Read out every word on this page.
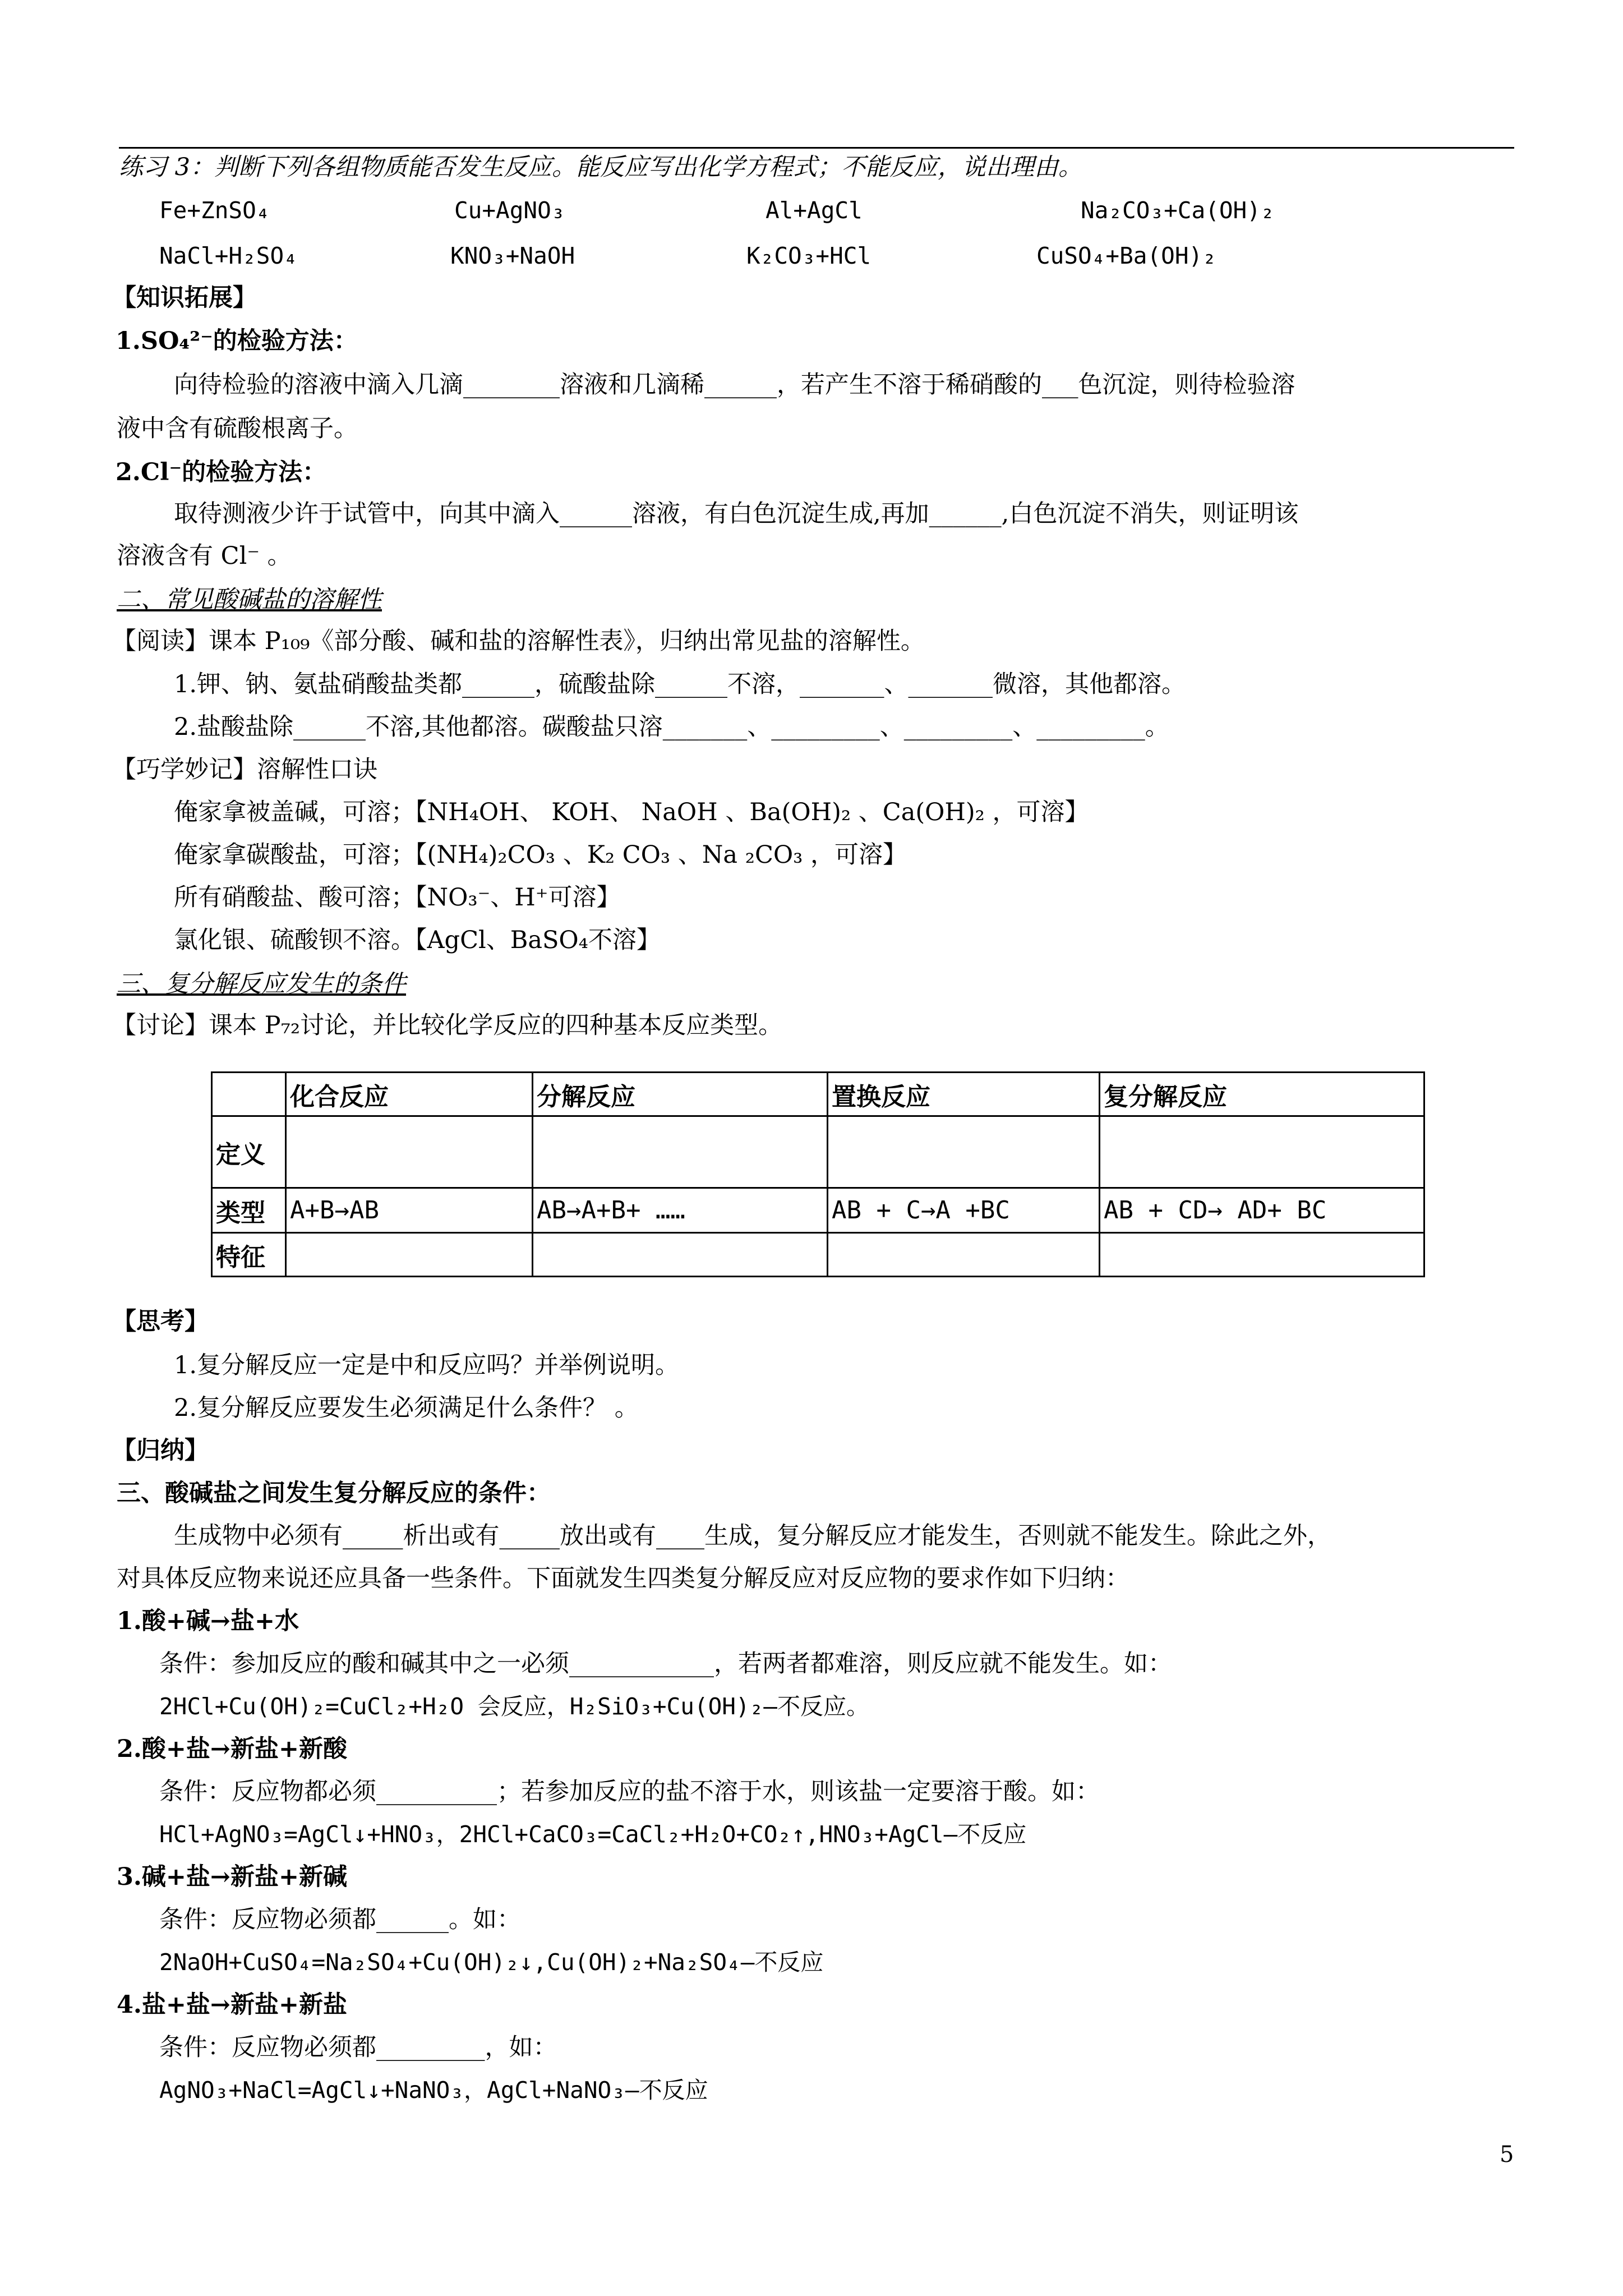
练习 3：判断下列各组物质能否发生反应。能反应写出化学方程式；不能反应，说出理由。
Fe+ZnSO₄	Cu+AgNO₃	Al+AgCl	Na₂CO₃+Ca(OH)₂
NaCl+H₂SO₄	KNO₃+NaOH	K₂CO₃+HCl	CuSO₄+Ba(OH)₂
【知识拓展】
1.SO₄²⁻的检验方法：
向待检验的溶液中滴入几滴________溶液和几滴稀______，若产生不溶于稀硝酸的___色沉淀，则待检验溶
液中含有硫酸根离子。
2.Cl⁻的检验方法：
取待测液少许于试管中，向其中滴入______溶液，有白色沉淀生成,再加______,白色沉淀不消失，则证明该
溶液含有 Cl⁻ 。
二、常见酸碱盐的溶解性
【阅读】课本 P₁₀₉《部分酸、碱和盐的溶解性表》，归纳出常见盐的溶解性。
1.钾、钠、氨盐硝酸盐类都______，硫酸盐除______不溶，_______、_______微溶，其他都溶。
2.盐酸盐除______不溶,其他都溶。碳酸盐只溶_______、_________、_________、_________。
【巧学妙记】溶解性口诀
俺家拿被盖碱，可溶；【NH₄OH、 KOH、 NaOH 、Ba(OH)₂ 、Ca(OH)₂ ，可溶】
俺家拿碳酸盐，可溶；【(NH₄)₂CO₃ 、K₂ CO₃ 、Na ₂CO₃ ，可溶】
所有硝酸盐、酸可溶；【NO₃⁻、H⁺可溶】
氯化银、硫酸钡不溶。【AgCl、BaSO₄不溶】
三、复分解反应发生的条件
【讨论】课本 P₇₂讨论，并比较化学反应的四种基本反应类型。
	化合反应	分解反应	置换反应	复分解反应
定义				
类型	A+B→AB	AB→A+B+ ……	AB + C→A +BC	AB + CD→ AD+ BC
特征				
【思考】
1.复分解反应一定是中和反应吗？并举例说明。
2.复分解反应要发生必须满足什么条件？ 。
【归纳】
三、酸碱盐之间发生复分解反应的条件：
生成物中必须有_____析出或有_____放出或有____生成，复分解反应才能发生，否则就不能发生。除此之外，
对具体反应物来说还应具备一些条件。下面就发生四类复分解反应对反应物的要求作如下归纳：
1.酸+碱→盐+水
条件：参加反应的酸和碱其中之一必须____________，若两者都难溶，则反应就不能发生。如：
2HCl+Cu(OH)₂=CuCl₂+H₂O 会反应，H₂SiO₃+Cu(OH)₂—不反应。
2.酸+盐→新盐+新酸
条件：反应物都必须__________；若参加反应的盐不溶于水，则该盐一定要溶于酸。如：
HCl+AgNO₃=AgCl↓+HNO₃，2HCl+CaCO₃=CaCl₂+H₂O+CO₂↑,HNO₃+AgCl—不反应
3.碱+盐→新盐+新碱
条件：反应物必须都______。如：
2NaOH+CuSO₄=Na₂SO₄+Cu(OH)₂↓,Cu(OH)₂+Na₂SO₄—不反应
4.盐+盐→新盐+新盐
条件：反应物必须都_________，如：
AgNO₃+NaCl=AgCl↓+NaNO₃，AgCl+NaNO₃—不反应
5
